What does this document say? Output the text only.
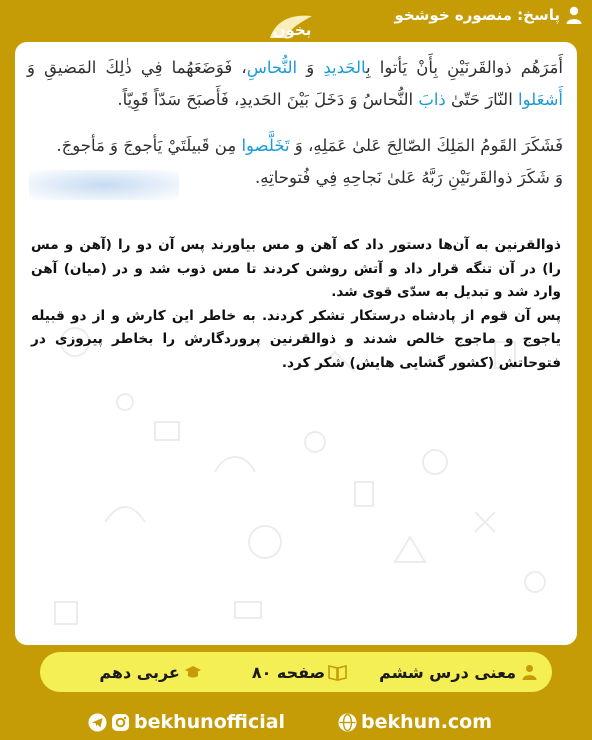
پاسخ: منصوره خوشخو
بخون
أَمَرَهُم ذوالقَرنَيْنِ بِأَنْ يَأتوا بِالحَديدِ وَ النُّحاسِ، فَوَضَعَهُما فِي ذٰلِكَ المَضيقِ وَ أَشعَلوا النّارَ حَتّىٰ ذابَ النُّحاسُ وَ دَخَلَ بَيْنَ الحَديدِ، فَأَصبَحَ سَدّاً قَوِيّاً.
فَشَكَرَ القَومُ المَلِكَ الصّالِحَ عَلىٰ عَمَلِهِ، وَ تَخَلَّصوا مِن قَبيلَتَيْ يَأجوجَ وَ مَأجوجَ.
وَ شَكَرَ ذوالقَرنَيْنِ رَبَّهُ عَلىٰ نَجاحِهِ فِي فُتوحاتِهِ.

ذوالقرنین به آن‌ها دستور داد که آهن و مس بیاورند پس آن دو را (آهن و مس را) در آن تنگه قرار داد و آتش روشن کردند تا مس ذوب شد و در (میان) آهن وارد شد و تبدیل به سدّی قوی شد.

پس آن قوم از پادشاه درستکار تشکر کردند. به خاطر این کارش و از دو قبیله یاجوج و ماجوج خالص شدند و ذوالقرنین پروردگارش را بخاطر پیروزی در فتوحاتش (کشور گشایی هایش) شکر کرد.

معنی درس ششم
صفحه ۸۰
عربی دهم
bekhunofficial	bekhun.com
